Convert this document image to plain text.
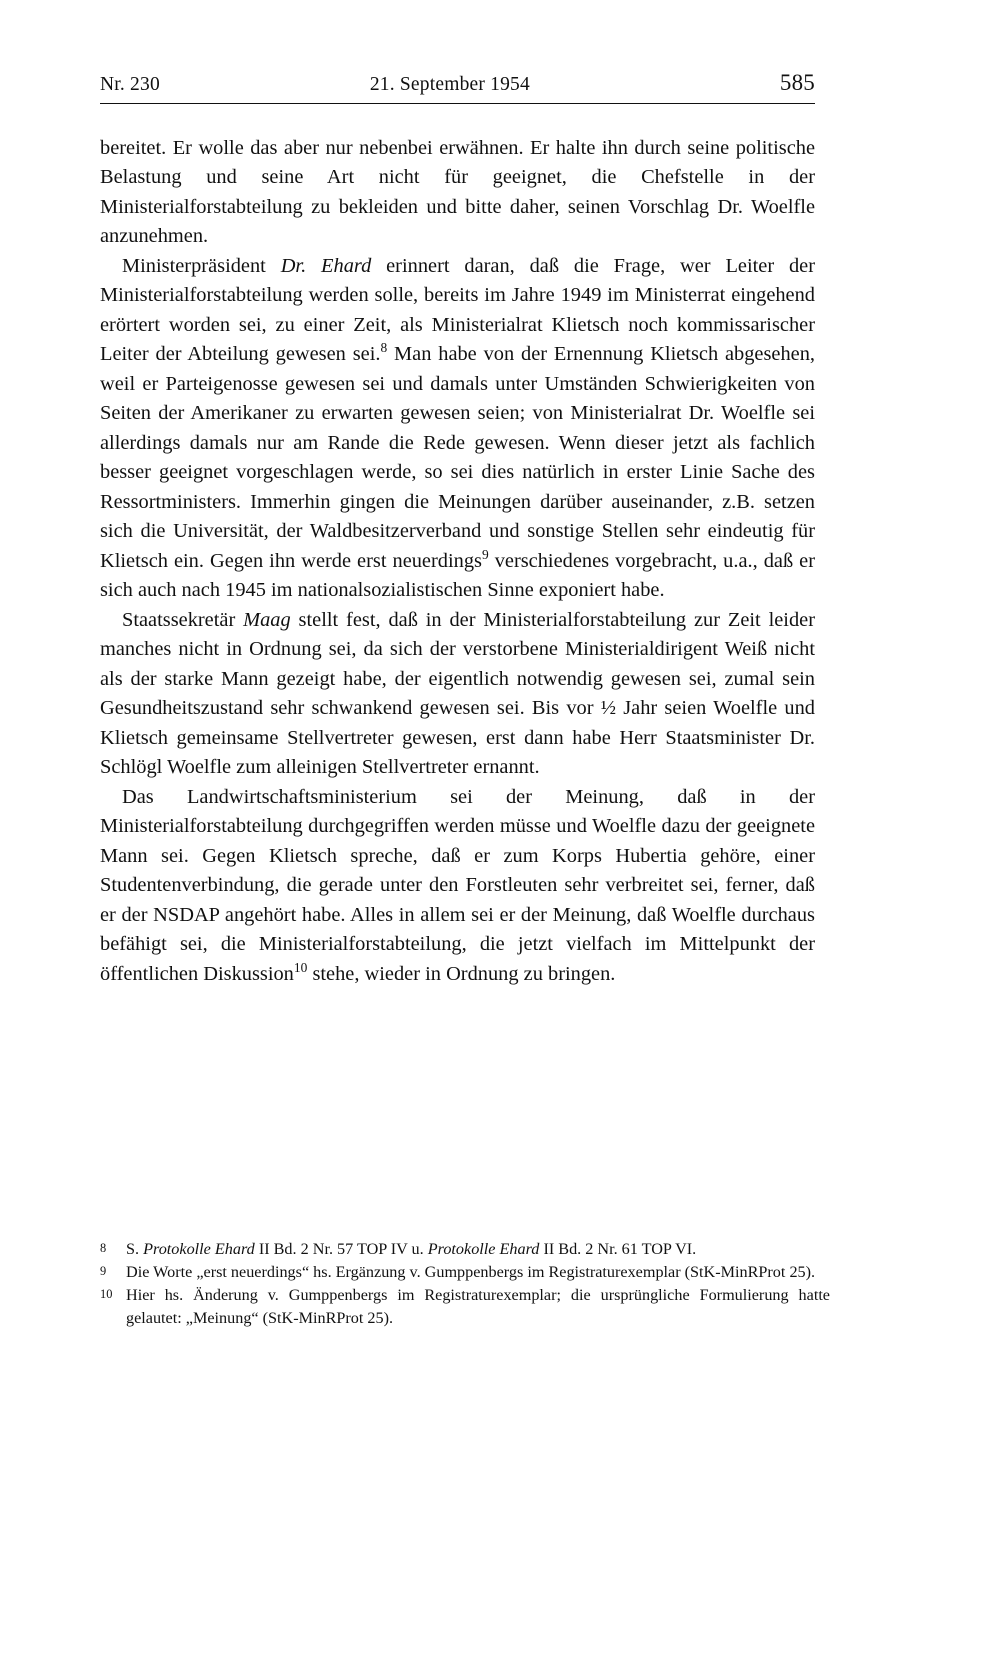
Nr. 230	21. September 1954	585

bereitet. Er wolle das aber nur nebenbei erwähnen. Er halte ihn durch seine politische Belastung und seine Art nicht für geeignet, die Chefstelle in der Ministerialforstabteilung zu bekleiden und bitte daher, seinen Vorschlag Dr. Woelfle anzunehmen.

Ministerpräsident Dr. Ehard erinnert daran, daß die Frage, wer Leiter der Ministerialforstabteilung werden solle, bereits im Jahre 1949 im Ministerrat eingehend erörtert worden sei, zu einer Zeit, als Ministerialrat Klietsch noch kommissarischer Leiter der Abteilung gewesen sei.$^8$ Man habe von der Ernennung Klietsch abgesehen, weil er Parteigenosse gewesen sei und damals unter Umständen Schwierigkeiten von Seiten der Amerikaner zu erwarten gewesen seien; von Ministerialrat Dr. Woelfle sei allerdings damals nur am Rande die Rede gewesen. Wenn dieser jetzt als fachlich besser geeignet vorgeschlagen werde, so sei dies natürlich in erster Linie Sache des Ressortministers. Immerhin gingen die Meinungen darüber auseinander, z.B. setzen sich die Universität, der Waldbesitzerverband und sonstige Stellen sehr eindeutig für Klietsch ein. Gegen ihn werde erst neuerdings$^9$ verschiedenes vorgebracht, u.a., daß er sich auch nach 1945 im nationalsozialistischen Sinne exponiert habe.

Staatssekretär Maag stellt fest, daß in der Ministerialforstabteilung zur Zeit leider manches nicht in Ordnung sei, da sich der verstorbene Ministerialdirigent Weiß nicht als der starke Mann gezeigt habe, der eigentlich notwendig gewesen sei, zumal sein Gesundheitszustand sehr schwankend gewesen sei. Bis vor ½ Jahr seien Woelfle und Klietsch gemeinsame Stellvertreter gewesen, erst dann habe Herr Staatsminister Dr. Schlögl Woelfle zum alleinigen Stellvertreter ernannt.

Das Landwirtschaftsministerium sei der Meinung, daß in der Ministerialforstabteilung durchgegriffen werden müsse und Woelfle dazu der geeignete Mann sei. Gegen Klietsch spreche, daß er zum Korps Hubertia gehöre, einer Studentenverbindung, die gerade unter den Forstleuten sehr verbreitet sei, ferner, daß er der NSDAP angehört habe. Alles in allem sei er der Meinung, daß Woelfle durchaus befähigt sei, die Ministerialforstabteilung, die jetzt vielfach im Mittelpunkt der öffentlichen Diskussion$^{10}$ stehe, wieder in Ordnung zu bringen.

8	S. Protokolle Ehard II Bd. 2 Nr. 57 TOP IV u. Protokolle Ehard II Bd. 2 Nr. 61 TOP VI.
9	Die Worte „erst neuerdings“ hs. Ergänzung v. Gumppenbergs im Registraturexemplar (StK-MinRProt 25).
10 Hier hs. Änderung v. Gumppenbergs im Registraturexemplar; die ursprüngliche Formulierung hatte gelautet: „Meinung“ (StK-MinRProt 25).
